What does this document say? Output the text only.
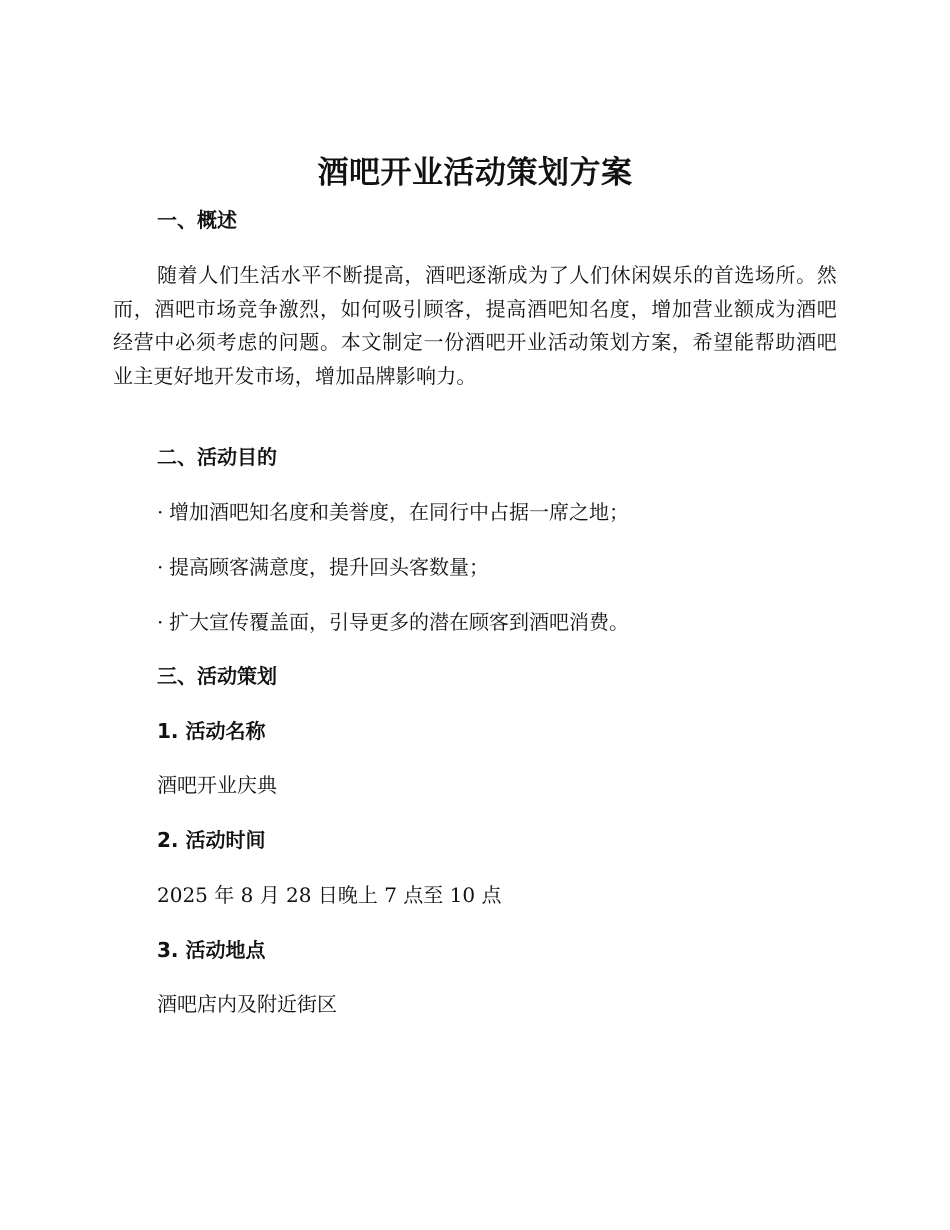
酒吧开业活动策划方案
一、概述
随着人们生活水平不断提高，酒吧逐渐成为了人们休闲娱乐的首选场所。然而，酒吧市场竞争激烈，如何吸引顾客，提高酒吧知名度，增加营业额成为酒吧经营中必须考虑的问题。本文制定一份酒吧开业活动策划方案，希望能帮助酒吧业主更好地开发市场，增加品牌影响力。
二、活动目的
· 增加酒吧知名度和美誉度，在同行中占据一席之地；
· 提高顾客满意度，提升回头客数量；
· 扩大宣传覆盖面，引导更多的潜在顾客到酒吧消费。
三、活动策划
1. 活动名称
酒吧开业庆典
2. 活动时间
2025 年 8 月 28 日晚上 7 点至 10 点
3. 活动地点
酒吧店内及附近街区
